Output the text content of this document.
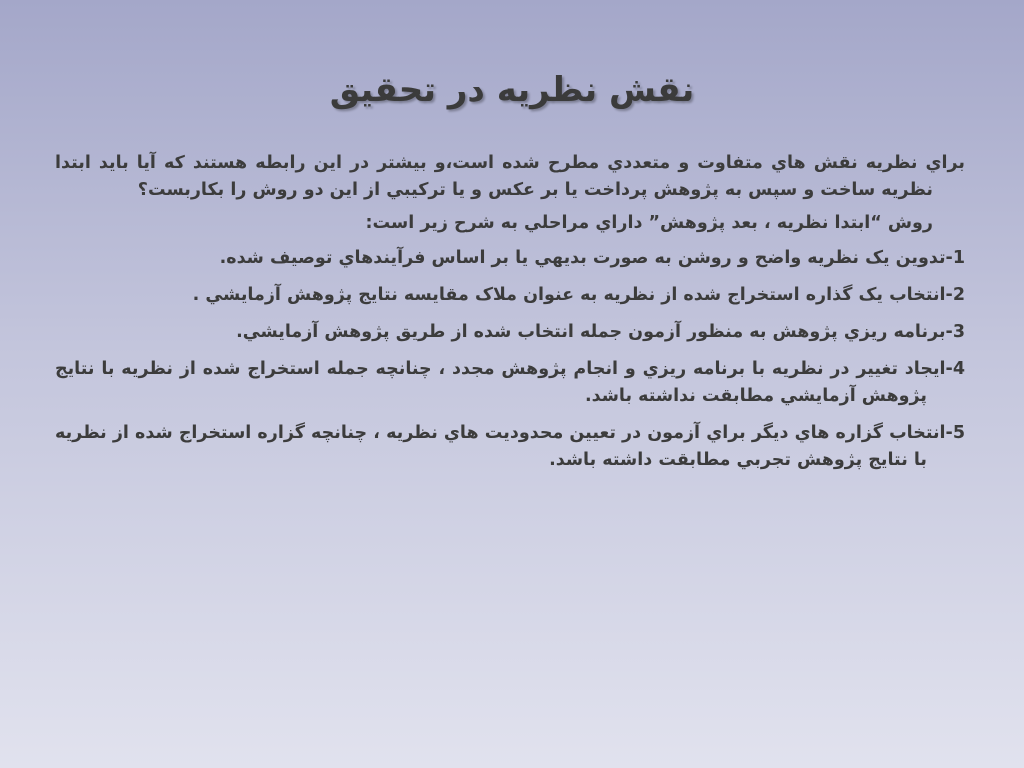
نقش نظريه در تحقيق

براي نظريه نقش هاي متفاوت و متعددي مطرح شده است،و بيشتر در اين رابطه هستند که آيا بايد ابتدا نظريه ساخت و سپس به پژوهش پرداخت يا بر عکس و يا ترکيبي از اين دو روش را بکاربست؟

روش “ابتدا نظريه ، بعد پژوهش” داراي مراحلي به شرح زير است:

1-تدوين يک نظريه واضح و روشن به صورت بديهي يا بر اساس فرآيندهاي توصيف شده.

2-انتخاب يک گذاره استخراج شده از نظريه به عنوان ملاک مقايسه نتايج پژوهش آزمايشي .

3-برنامه ريزي پژوهش به منظور آزمون جمله انتخاب شده از طريق پژوهش آزمايشي.

4-ايجاد تغيير در نظريه با برنامه ريزي و انجام پژوهش مجدد ، چنانچه جمله استخراج شده از نظريه با نتايج پژوهش آزمايشي مطابقت نداشته باشد.

5-انتخاب گزاره هاي ديگر براي آزمون در تعيين محدوديت هاي نظريه ، چنانچه گزاره استخراج شده از نظريه با نتايج پژوهش تجربي مطابقت داشته باشد.
